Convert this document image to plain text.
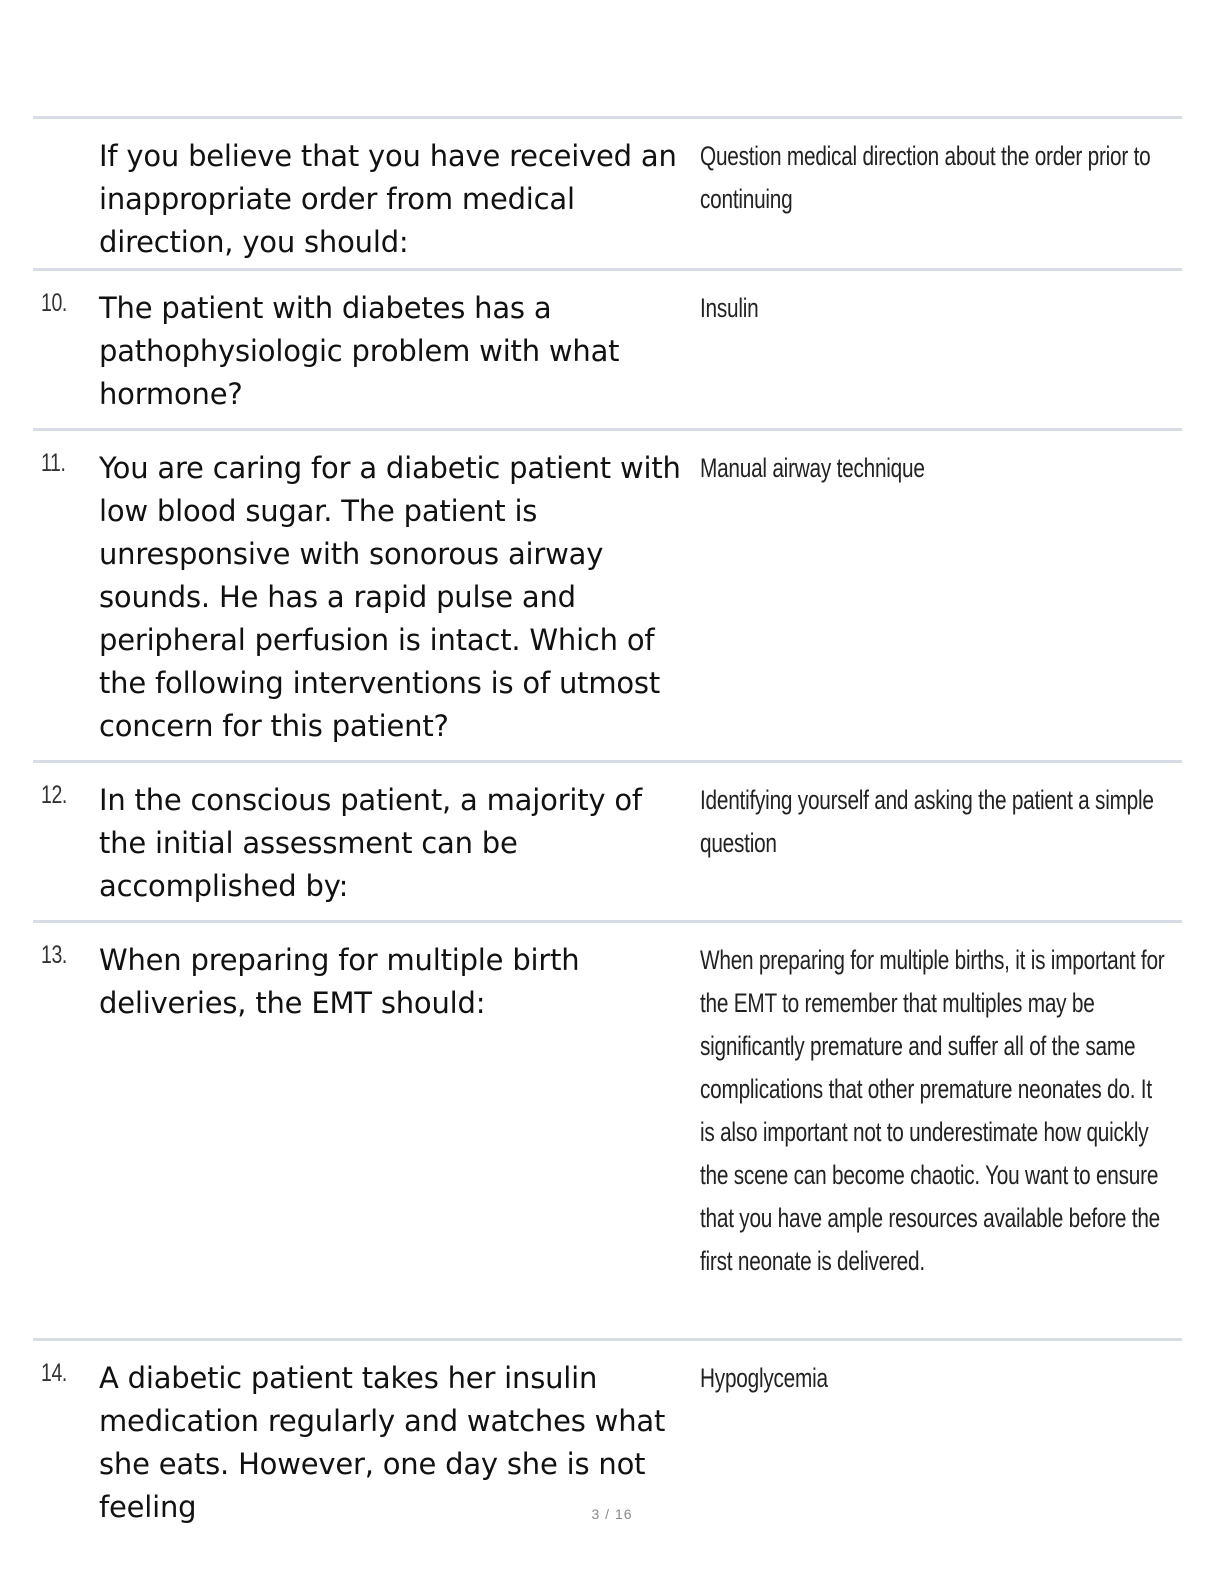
If you believe that you have received an inappropriate order from medical direction, you should:
Question medical direction about the order prior to continuing
10. The patient with diabetes has a pathophysiologic problem with what hormone?
Insulin
11. You are caring for a diabetic patient with low blood sugar. The patient is unresponsive with sonorous airway sounds. He has a rapid pulse and peripheral perfusion is intact. Which of the following interventions is of utmost concern for this patient?
Manual airway technique
12. In the conscious patient, a majority of the initial assessment can be accomplished by:
Identifying yourself and asking the patient a simple question
13. When preparing for multiple birth deliveries, the EMT should:
When preparing for multiple births, it is important for the EMT to remember that multiples may be significantly premature and suffer all of the same complications that other premature neonates do. It is also important not to underestimate how quickly the scene can become chaotic. You want to ensure that you have ample resources available before the first neonate is delivered.
14. A diabetic patient takes her insulin medication regularly and watches what she eats. However, one day she is not feeling
Hypoglycemia
3 / 16
